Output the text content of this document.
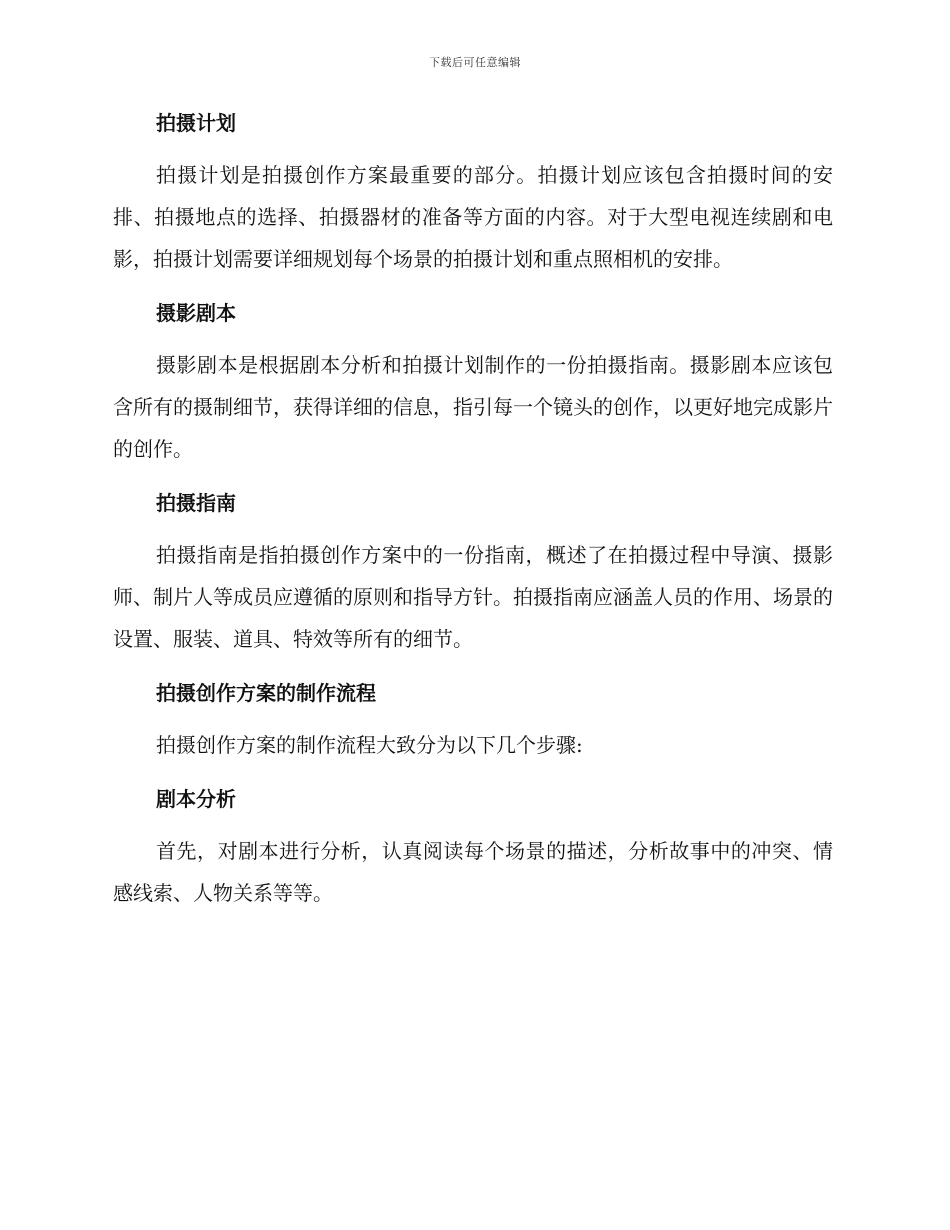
下载后可任意编辑
拍摄计划

拍摄计划是拍摄创作方案最重要的部分。拍摄计划应该包含拍摄时间的安排、拍摄地点的选择、拍摄器材的准备等方面的内容。对于大型电视连续剧和电影，拍摄计划需要详细规划每个场景的拍摄计划和重点照相机的安排。

摄影剧本

摄影剧本是根据剧本分析和拍摄计划制作的一份拍摄指南。摄影剧本应该包含所有的摄制细节，获得详细的信息，指引每一个镜头的创作，以更好地完成影片的创作。

拍摄指南

拍摄指南是指拍摄创作方案中的一份指南，概述了在拍摄过程中导演、摄影师、制片人等成员应遵循的原则和指导方针。拍摄指南应涵盖人员的作用、场景的设置、服装、道具、特效等所有的细节。

拍摄创作方案的制作流程

拍摄创作方案的制作流程大致分为以下几个步骤:

剧本分析

首先，对剧本进行分析，认真阅读每个场景的描述，分析故事中的冲突、情感线索、人物关系等等。
